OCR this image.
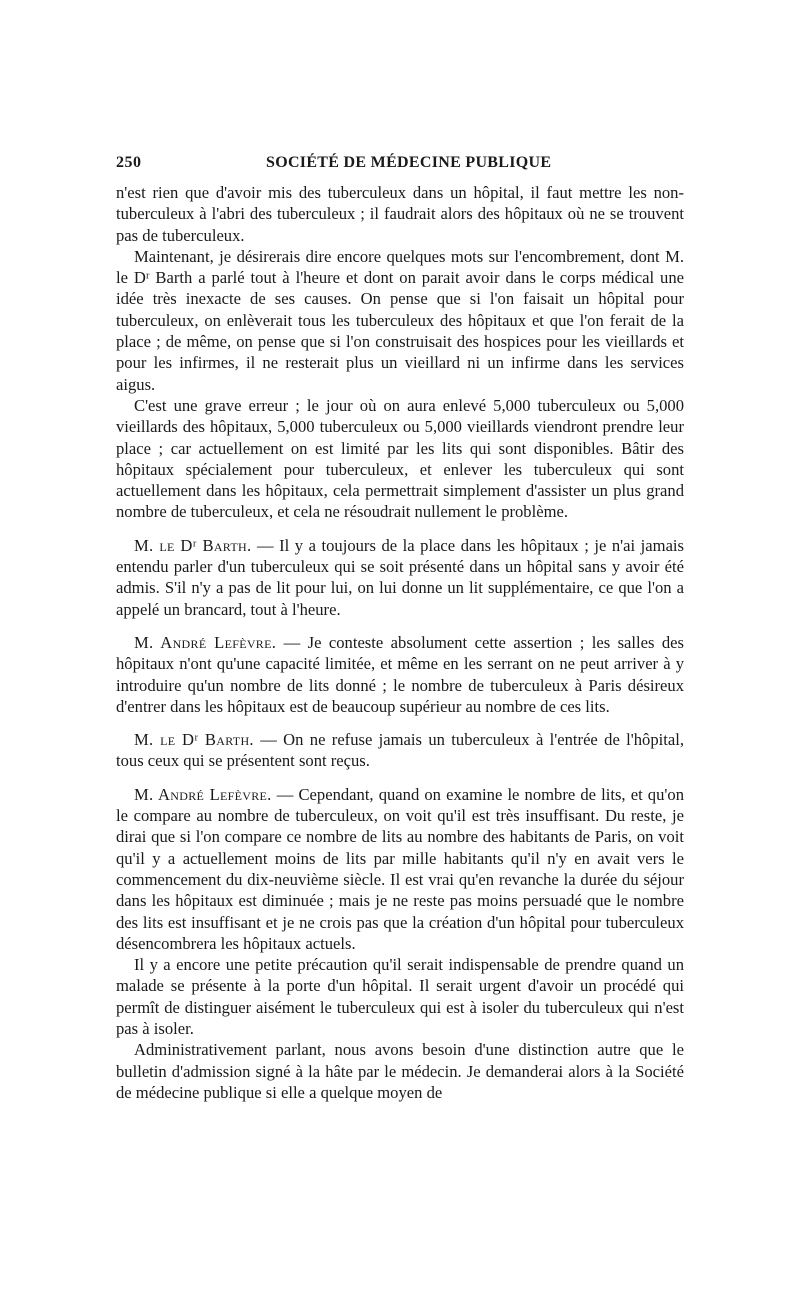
250	SOCIÉTÉ DE MÉDECINE PUBLIQUE

n'est rien que d'avoir mis des tuberculeux dans un hôpital, il faut mettre les non-tuberculeux à l'abri des tuberculeux ; il faudrait alors des hôpitaux où ne se trouvent pas de tuberculeux.

Maintenant, je désirerais dire encore quelques mots sur l'encombrement, dont M. le Dʳ Barth a parlé tout à l'heure et dont on parait avoir dans le corps médical une idée très inexacte de ses causes. On pense que si l'on faisait un hôpital pour tuberculeux, on enlèverait tous les tuberculeux des hôpitaux et que l'on ferait de la place ; de même, on pense que si l'on construisait des hospices pour les vieillards et pour les infirmes, il ne resterait plus un vieillard ni un infirme dans les services aigus.

C'est une grave erreur ; le jour où on aura enlevé 5,000 tuberculeux ou 5,000 vieillards des hôpitaux, 5,000 tuberculeux ou 5,000 vieillards viendront prendre leur place ; car actuellement on est limité par les lits qui sont disponibles. Bâtir des hôpitaux spécialement pour tuberculeux, et enlever les tuberculeux qui sont actuellement dans les hôpitaux, cela permettrait simplement d'assister un plus grand nombre de tuberculeux, et cela ne résoudrait nullement le problème.

M. le Dʳ Barth. — Il y a toujours de la place dans les hôpitaux ; je n'ai jamais entendu parler d'un tuberculeux qui se soit présenté dans un hôpital sans y avoir été admis. S'il n'y a pas de lit pour lui, on lui donne un lit supplémentaire, ce que l'on a appelé un brancard, tout à l'heure.

M. André Lefèvre. — Je conteste absolument cette assertion ; les salles des hôpitaux n'ont qu'une capacité limitée, et même en les serrant on ne peut arriver à y introduire qu'un nombre de lits donné ; le nombre de tuberculeux à Paris désireux d'entrer dans les hôpitaux est de beaucoup supérieur au nombre de ces lits.

M. le Dʳ Barth. — On ne refuse jamais un tuberculeux à l'entrée de l'hôpital, tous ceux qui se présentent sont reçus.

M. André Lefèvre. — Cependant, quand on examine le nombre de lits, et qu'on le compare au nombre de tuberculeux, on voit qu'il est très insuffisant. Du reste, je dirai que si l'on compare ce nombre de lits au nombre des habitants de Paris, on voit qu'il y a actuellement moins de lits par mille habitants qu'il n'y en avait vers le commencement du dix-neuvième siècle. Il est vrai qu'en revanche la durée du séjour dans les hôpitaux est diminuée ; mais je ne reste pas moins persuadé que le nombre des lits est insuffisant et je ne crois pas que la création d'un hôpital pour tuberculeux désencombrera les hôpitaux actuels.

Il y a encore une petite précaution qu'il serait indispensable de prendre quand un malade se présente à la porte d'un hôpital. Il serait urgent d'avoir un procédé qui permît de distinguer aisément le tuberculeux qui est à isoler du tuberculeux qui n'est pas à isoler.

Administrativement parlant, nous avons besoin d'une distinction autre que le bulletin d'admission signé à la hâte par le médecin. Je demanderai alors à la Société de médecine publique si elle a quelque moyen de
